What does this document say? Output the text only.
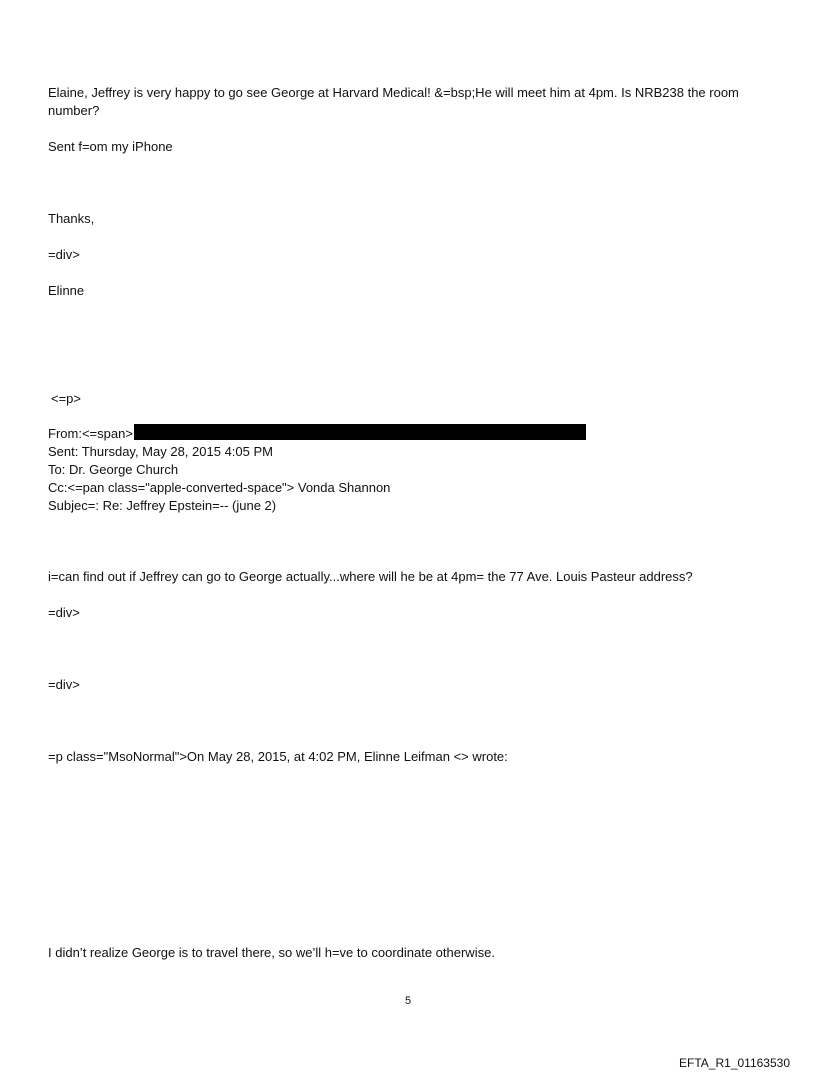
Elaine, Jeffrey is very happy to go see George at Harvard Medical! &=bsp;He will meet him at 4pm. Is NRB238 the room number?
Sent f=om my iPhone
Thanks,
=div>
Elinne
<=p>
From:<=span>
Sent: Thursday, May 28, 2015 4:05 PM
To: Dr. George Church
Cc:<=pan class="apple-converted-space"> Vonda Shannon
Subjec=: Re: Jeffrey Epstein=-- (june 2)
i=can find out if Jeffrey can go to George actually...where will he be at 4pm= the 77 Ave. Louis Pasteur address?
=div>
=div>
=p class="MsoNormal">On May 28, 2015, at 4:02 PM, Elinne Leifman <> wrote:
I didn’t realize George is to travel there, so we’ll h=ve to coordinate otherwise.
5
EFTA_R1_01163530
